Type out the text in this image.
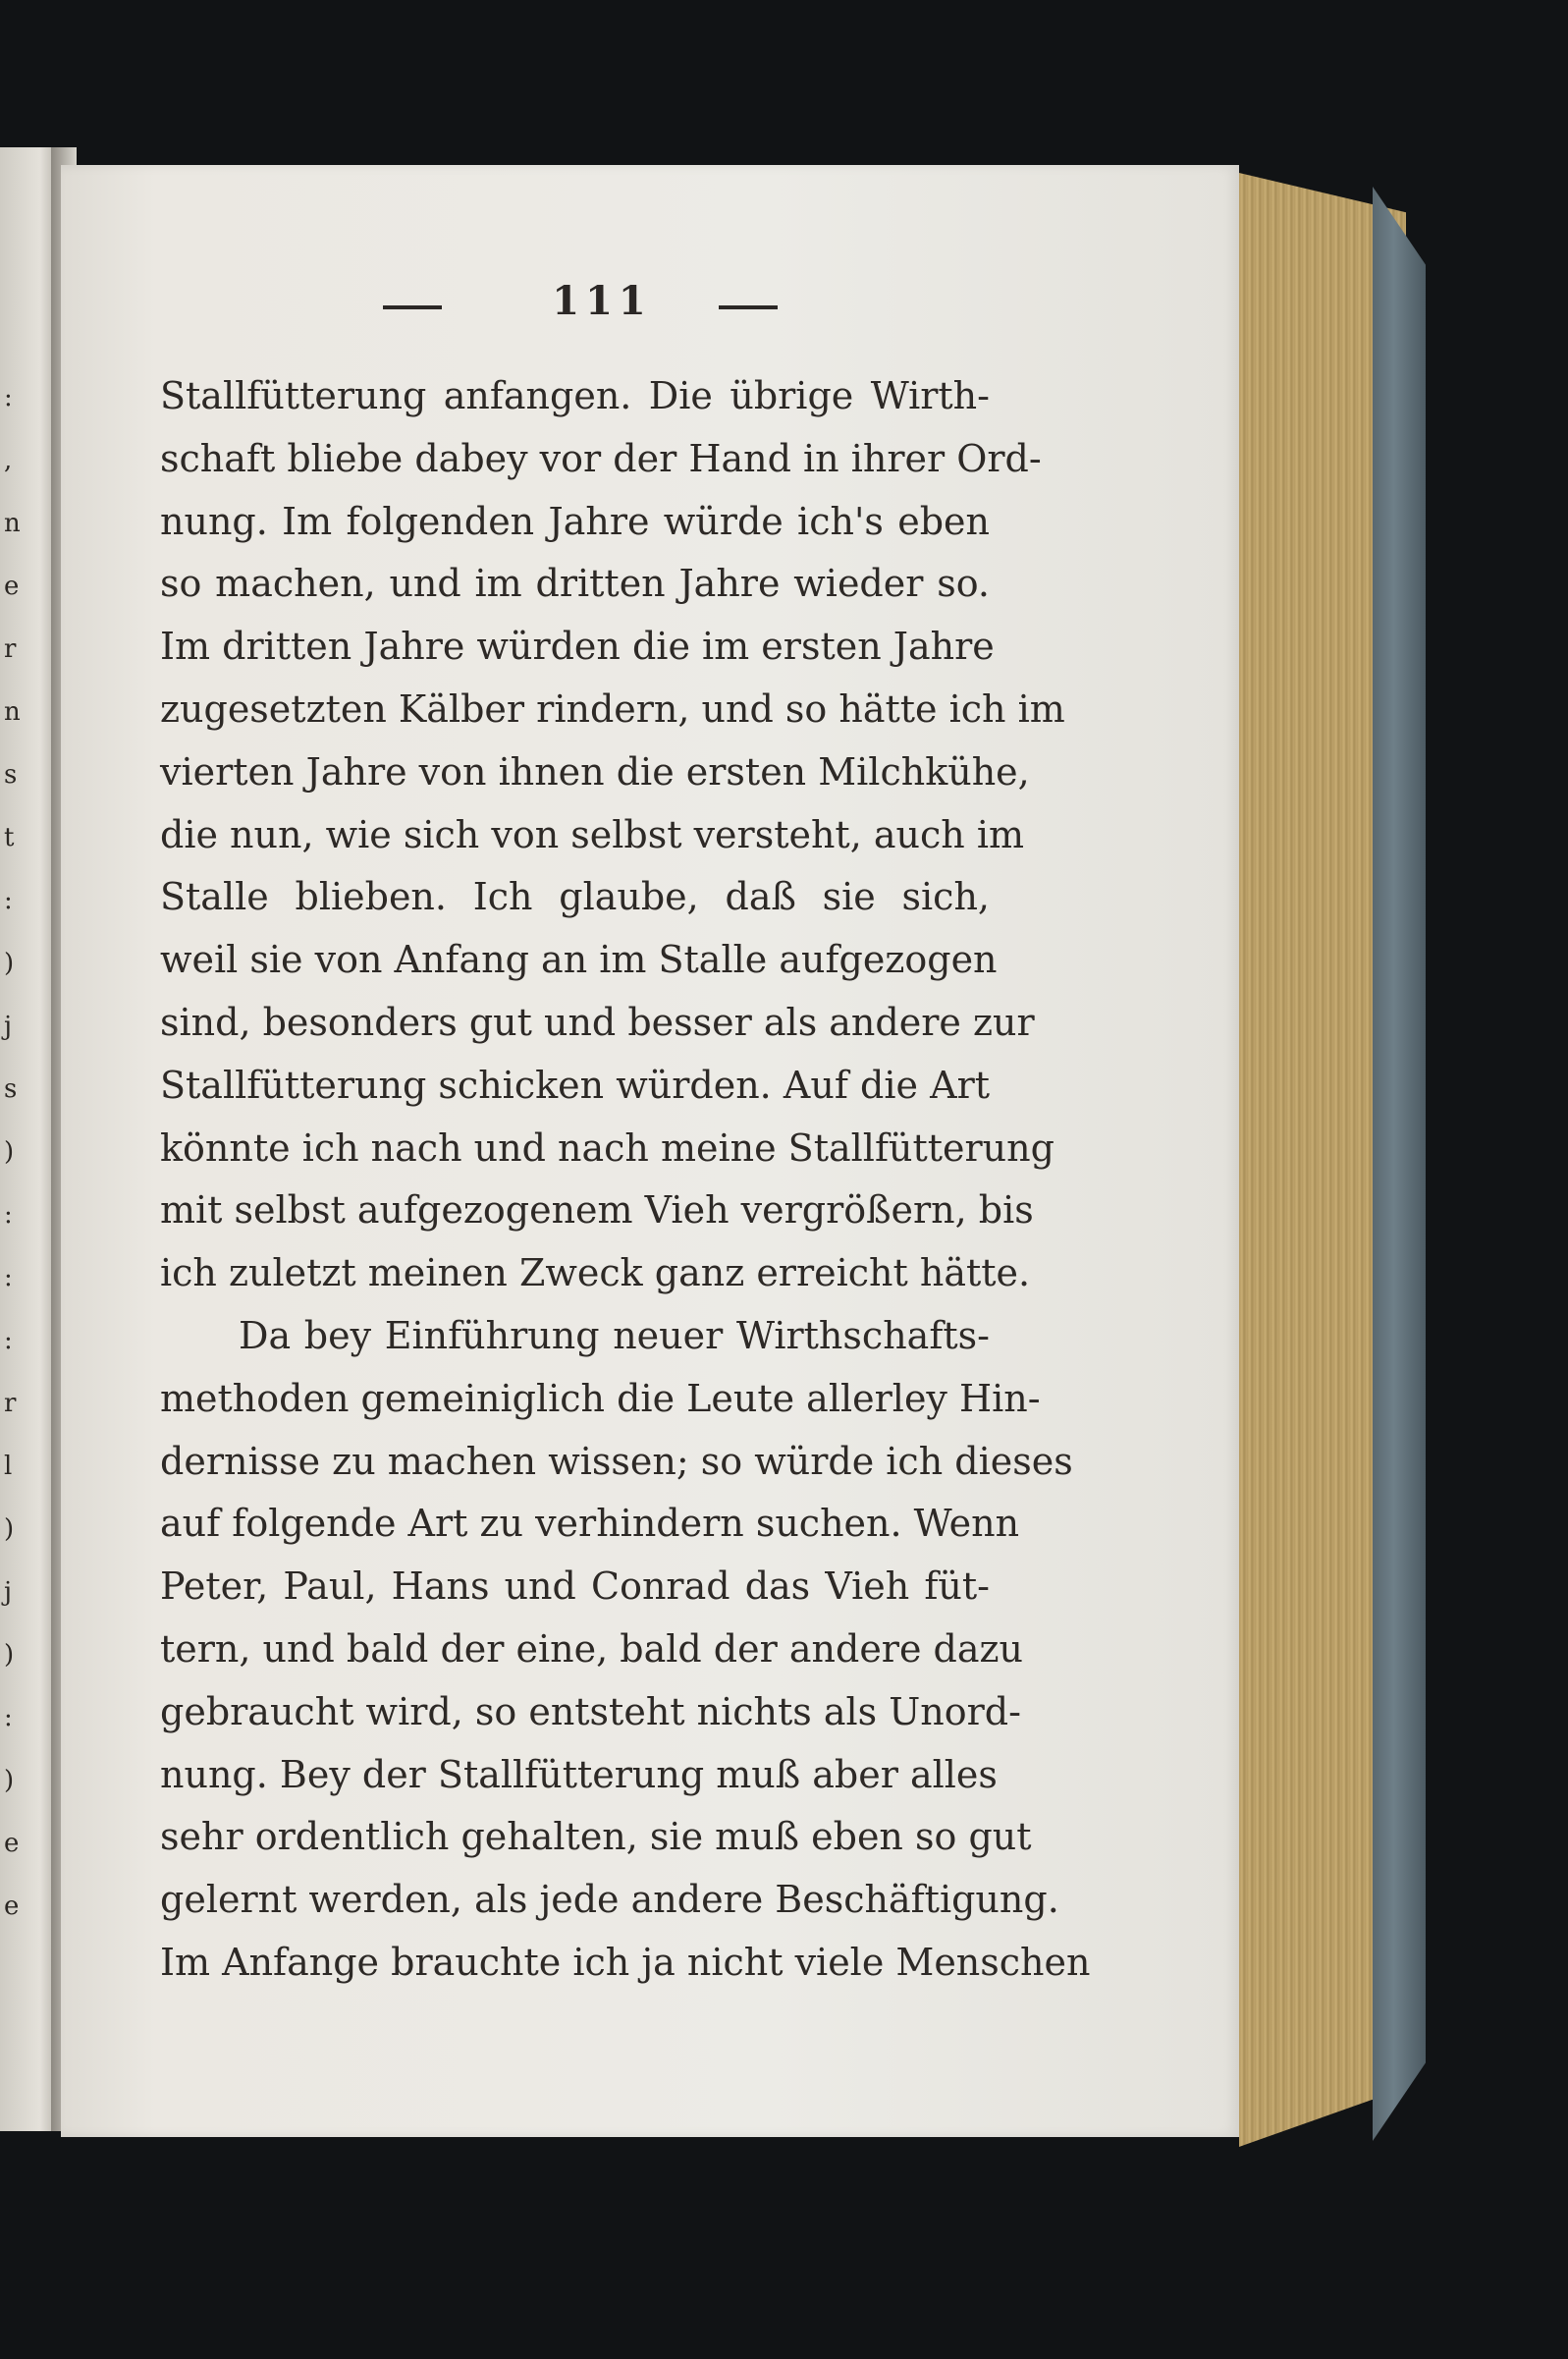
:
,
n
e
r
n
s
t
:
)
j
s
)
:
:
:
r
l
)
j
)
:
)
e
e
111
Stallfütterung anfangen. Die übrige Wirth-
schaft bliebe dabey vor der Hand in ihrer Ord-
nung. Im folgenden Jahre würde ich's eben
so machen, und im dritten Jahre wieder so.
Im dritten Jahre würden die im ersten Jahre
zugesetzten Kälber rindern, und so hätte ich im
vierten Jahre von ihnen die ersten Milchkühe,
die nun, wie sich von selbst versteht, auch im
Stalle blieben. Ich glaube, daß sie sich,
weil sie von Anfang an im Stalle aufgezogen
sind, besonders gut und besser als andere zur
Stallfütterung schicken würden. Auf die Art
könnte ich nach und nach meine Stallfütterung
mit selbst aufgezogenem Vieh vergrößern, bis
ich zuletzt meinen Zweck ganz erreicht hätte.
Da bey Einführung neuer Wirthschafts-
methoden gemeiniglich die Leute allerley Hin-
dernisse zu machen wissen; so würde ich dieses
auf folgende Art zu verhindern suchen. Wenn
Peter, Paul, Hans und Conrad das Vieh füt-
tern, und bald der eine, bald der andere dazu
gebraucht wird, so entsteht nichts als Unord-
nung. Bey der Stallfütterung muß aber alles
sehr ordentlich gehalten, sie muß eben so gut
gelernt werden, als jede andere Beschäftigung.
Im Anfange brauchte ich ja nicht viele Menschen
